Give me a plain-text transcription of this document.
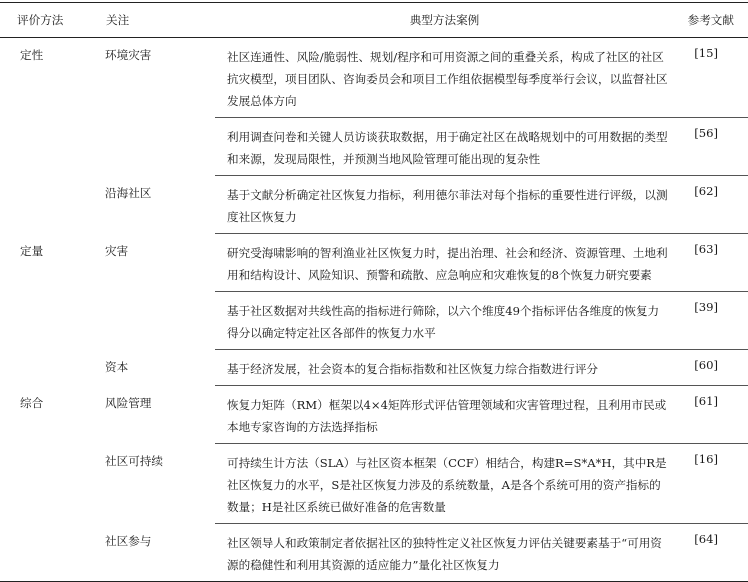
评价方法	关注	典型方法案例	参考文献
定性	环境灾害	社区连通性、风险/脆弱性、规划/程序和可用资源之间的重叠关系，构成了社区的社区抗灾模型，项目团队、咨询委员会和项目工作组依据模型每季度举行会议，以监督社区发展总体方向	[15]
		利用调查问卷和关键人员访谈获取数据，用于确定社区在战略规划中的可用数据的类型和来源，发现局限性，并预测当地风险管理可能出现的复杂性	[56]
	沿海社区	基于文献分析确定社区恢复力指标，利用德尔菲法对每个指标的重要性进行评级，以测度社区恢复力	[62]
定量	灾害	研究受海啸影响的智利渔业社区恢复力时，提出治理、社会和经济、资源管理、土地利用和结构设计、风险知识、预警和疏散、应急响应和灾难恢复的8个恢复力研究要素	[63]
		基于社区数据对共线性高的指标进行筛除，以六个维度49个指标评估各维度的恢复力得分以确定特定社区各部件的恢复力水平	[39]
	资本	基于经济发展，社会资本的复合指标指数和社区恢复力综合指数进行评分	[60]
综合	风险管理	恢复力矩阵（RM）框架以4×4矩阵形式评估管理领域和灾害管理过程，且利用市民或本地专家咨询的方法选择指标	[61]
	社区可持续	可持续生计方法（SLA）与社区资本框架（CCF）相结合，构建R=S*A*H，其中R是社区恢复力的水平，S是社区恢复力涉及的系统数量，A是各个系统可用的资产指标的数量；H是社区系统已做好准备的危害数量	[16]
	社区参与	社区领导人和政策制定者依据社区的独特性定义社区恢复力评估关键要素基于“可用资源的稳健性和利用其资源的适应能力”量化社区恢复力	[64]
